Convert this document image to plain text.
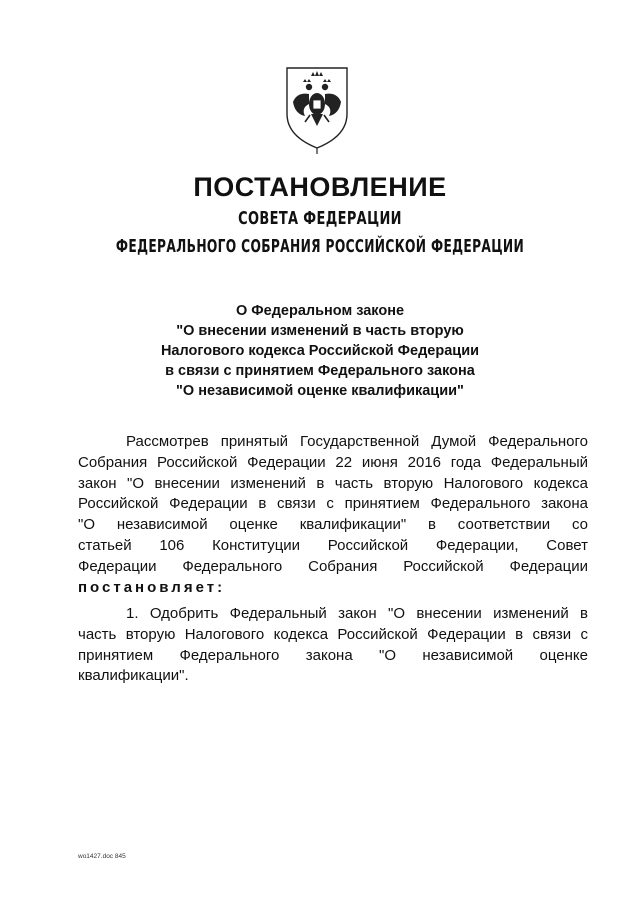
ПОСТАНОВЛЕНИЕ
СОВЕТА ФЕДЕРАЦИИ
ФЕДЕРАЛЬНОГО СОБРАНИЯ РОССИЙСКОЙ ФЕДЕРАЦИИ
О Федеральном законе
"О внесении изменений в часть вторую
Налогового кодекса Российской Федерации
в связи с принятием Федерального закона
"О независимой оценке квалификации"
Рассмотрев принятый Государственной Думой Федерального
Собрания Российской Федерации 22 июня 2016 года Федеральный
закон "О внесении изменений в часть вторую Налогового кодекса
Российской Федерации в связи с принятием Федерального закона
"О независимой оценке квалификации" в соответствии со
статьей 106 Конституции Российской Федерации, Совет
Федерации Федерального Собрания Российской Федерации
постановляет:
1. Одобрить Федеральный закон "О внесении изменений в
часть вторую Налогового кодекса Российской Федерации в связи с
принятием Федерального закона "О независимой оценке
квалификации".
wo1427.doc 845
